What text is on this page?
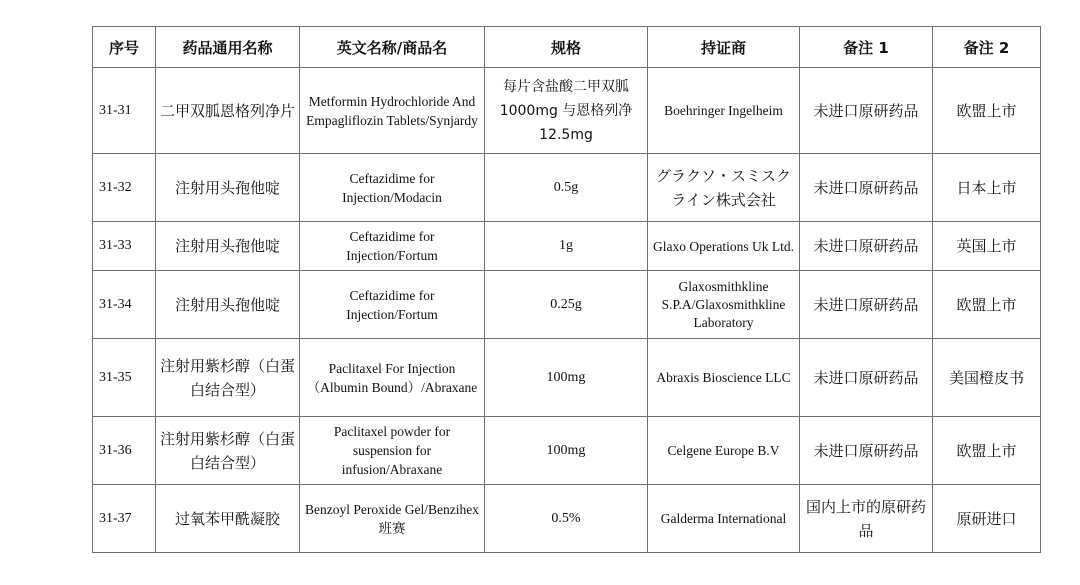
序号	药品通用名称	英文名称/商品名	规格	持证商	备注 1	备注 2
31-31	二甲双胍恩格列净片	Metformin Hydrochloride And Empagliflozin Tablets/Synjardy	每片含盐酸二甲双胍1000mg 与恩格列净12.5mg	Boehringer Ingelheim	未进口原研药品	欧盟上市
31-32	注射用头孢他啶	Ceftazidime for Injection/Modacin	0.5g	グラクソ・スミスクライン株式会社	未进口原研药品	日本上市
31-33	注射用头孢他啶	Ceftazidime for Injection/Fortum	1g	Glaxo Operations Uk Ltd.	未进口原研药品	英国上市
31-34	注射用头孢他啶	Ceftazidime for Injection/Fortum	0.25g	Glaxosmithkline S.P.A/Glaxosmithkline Laboratory	未进口原研药品	欧盟上市
31-35	注射用紫杉醇（白蛋白结合型）	Paclitaxel For Injection（Albumin Bound）/Abraxane	100mg	Abraxis Bioscience LLC	未进口原研药品	美国橙皮书
31-36	注射用紫杉醇（白蛋白结合型）	Paclitaxel powder for suspension for infusion/Abraxane	100mg	Celgene Europe B.V	未进口原研药品	欧盟上市
31-37	过氧苯甲酰凝胶	Benzoyl Peroxide Gel/Benzihex 班赛	0.5%	Galderma International	国内上市的原研药品	原研进口
